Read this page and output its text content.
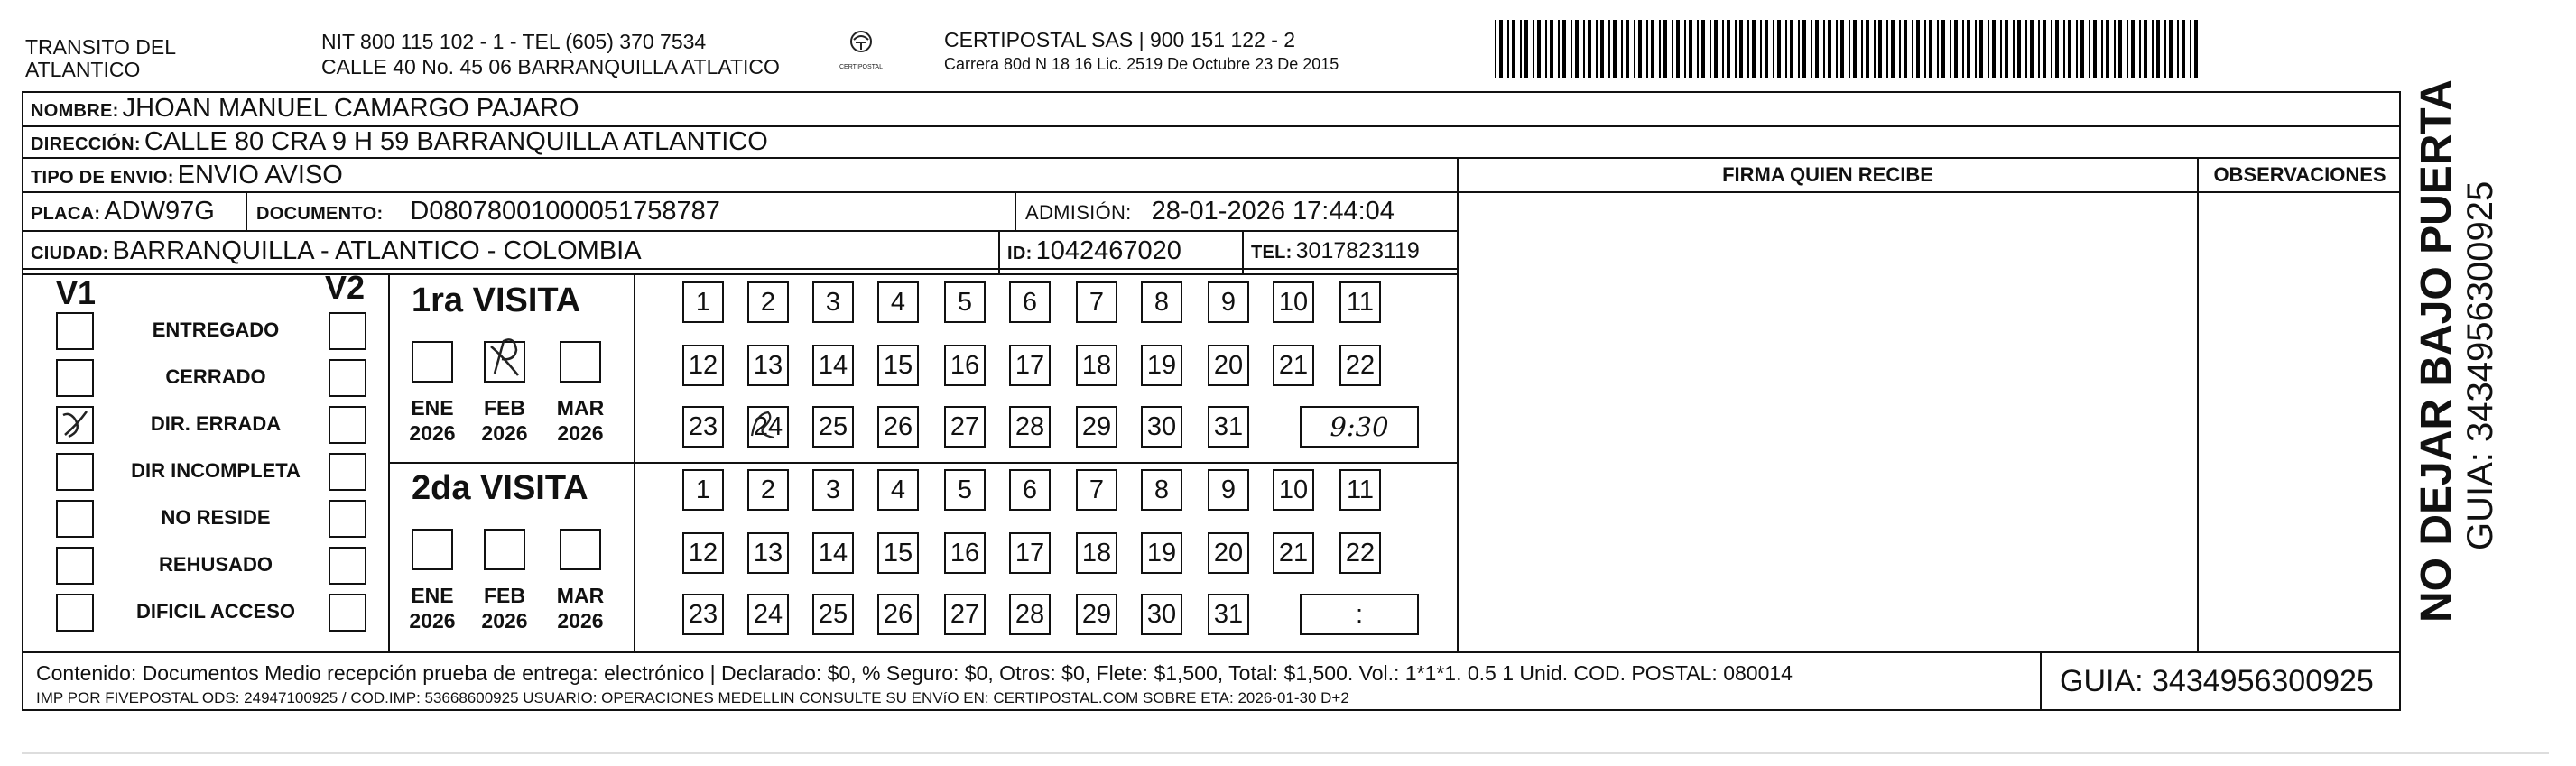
TRANSITO DEL
ATLANTICO
NIT 800 115 102 - 1 - TEL (605) 370 7534
CALLE 40 No. 45 06 BARRANQUILLA ATLATICO	CERTIPOSTAL
CERTIPOSTAL SAS | 900 151 122 - 2
Carrera 80d N 18 16 Lic. 2519 De Octubre 23 De 2015
NOMBRE: JHOAN MANUEL CAMARGO PAJARO
DIRECCIÓN: CALLE 80 CRA 9 H 59 BARRANQUILLA ATLANTICO
TIPO DE ENVIO: ENVIO AVISO
PLACA: ADW97G DOCUMENTO: D08078001000051758787	ADMISIÓN: 28-01-2026 17:44:04
CIUDAD: BARRANQUILLA - ATLANTICO - COLOMBIA	ID: 1042467020	TEL: 3017823119
FIRMA QUIEN RECIBE	OBSERVACIONES
V1	V2 1ra VISITA
2da VISITA
Contenido: Documentos Medio recepción prueba de entrega: electrónico | Declarado: $0, % Seguro: $0, Otros: $0, Flete: $1,500, Total: $1,500. Vol.: 1*1*1. 0.5 1 Unid. COD. POSTAL: 080014
IMP POR FIVEPOSTAL ODS: 24947100925 / COD.IMP: 53668600925 USUARIO: OPERACIONES MEDELLIN CONSULTE SU ENVíO EN: CERTIPOSTAL.COM SOBRE ETA: 2026-01-30 D+2	GUIA: 3434956300925
NO DEJAR BAJO PUERTA GUIA: 3434956300925
ENTREGADO
CERRADO
DIR. ERRADA
DIR INCOMPLETA
NO RESIDE
REHUSADO
DIFICIL ACCESO
ENE
2026
FEB
2026
MAR
2026
1	2	3	4	5	6	7	8	9	10 11
12 13 14 15 16 17 18 19 20 21 22
23 24 25 26 27 28 29 30 31	9:30
ENE
2026
FEB
2026
MAR
2026
1	2	3	4	5	6	7	8	9	10 11
12 13 14 15 16 17 18 19 20 21 22
23 24 25 26 27 28 29 30 31	:
